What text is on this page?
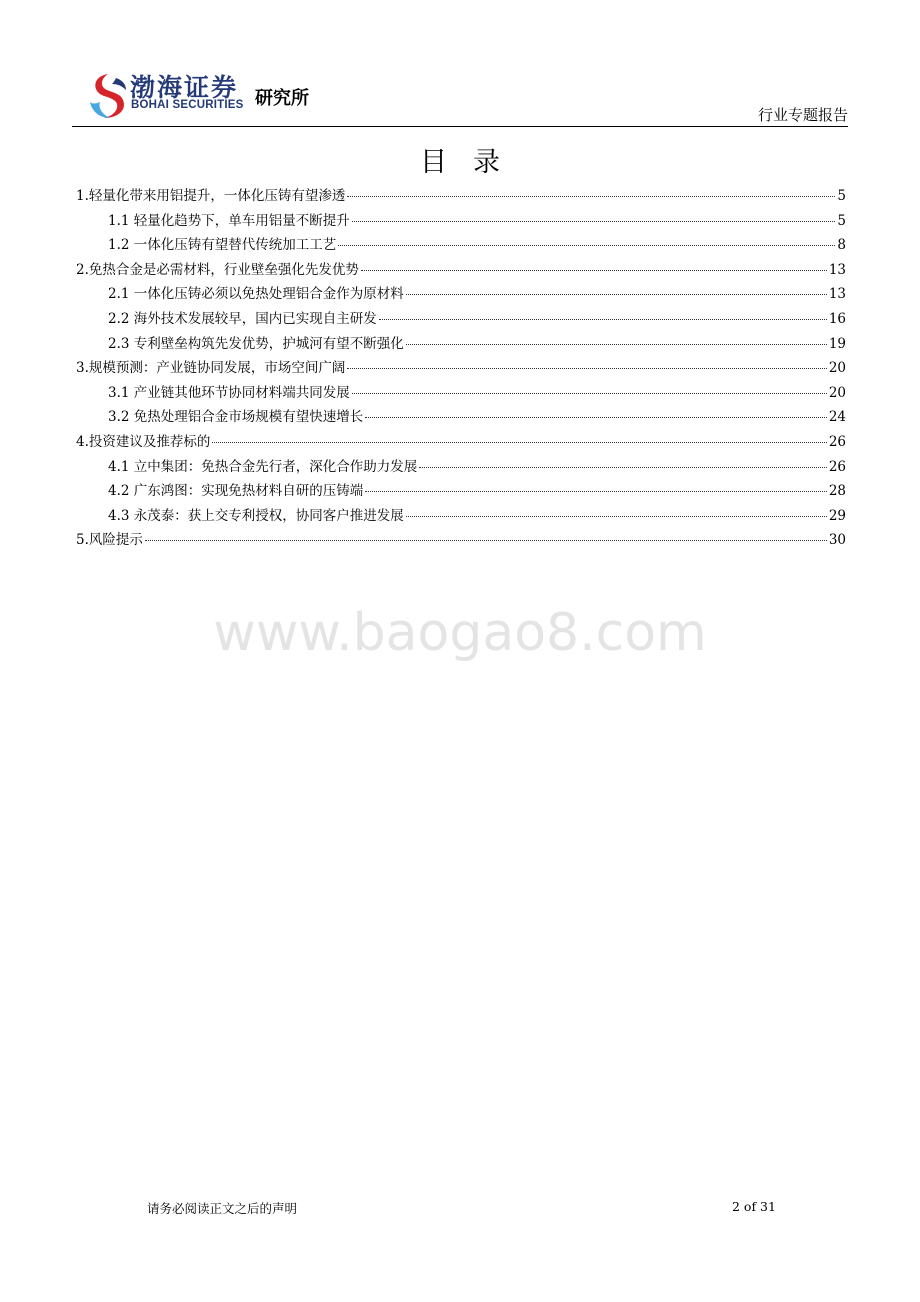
渤海证券
BOHAI SECURITIES 研究所
行业专题报告
目录
1.轻量化带来用铝提升，一体化压铸有望渗透	5
1.1 轻量化趋势下，单车用铝量不断提升	5
1.2 一体化压铸有望替代传统加工工艺	8
2.免热合金是必需材料，行业壁垒强化先发优势	13
2.1 一体化压铸必须以免热处理铝合金作为原材料	13
2.2 海外技术发展较早，国内已实现自主研发	16
2.3 专利壁垒构筑先发优势，护城河有望不断强化	19
3.规模预测：产业链协同发展，市场空间广阔	20
3.1 产业链其他环节协同材料端共同发展	20
3.2 免热处理铝合金市场规模有望快速增长	24
4.投资建议及推荐标的	26
4.1 立中集团：免热合金先行者，深化合作助力发展	26
4.2 广东鸿图：实现免热材料自研的压铸端	28
4.3 永茂泰：获上交专利授权，协同客户推进发展	29
5.风险提示	30
www.baogao8.com
请务必阅读正文之后的声明	2 of 31
